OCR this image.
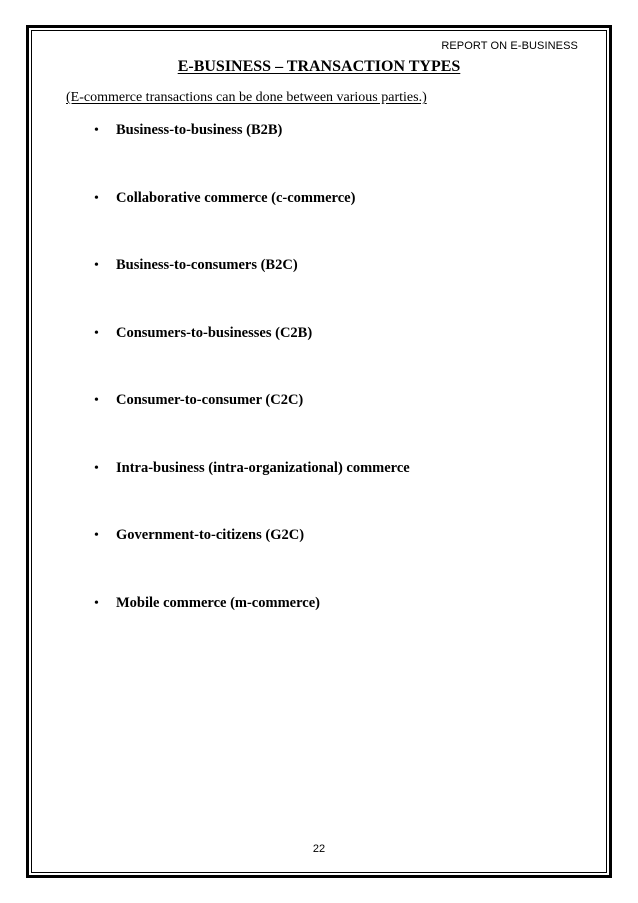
REPORT ON E-BUSINESS
E-BUSINESS – TRANSACTION TYPES
(E-commerce transactions can be done between various parties.)
•	Business-to-business (B2B)
•	Collaborative commerce (c-commerce)
•	Business-to-consumers (B2C)
•	Consumers-to-businesses (C2B)
•	Consumer-to-consumer (C2C)
•	Intra-business (intra-organizational) commerce
•	Government-to-citizens (G2C)
•	Mobile commerce (m-commerce)
22
